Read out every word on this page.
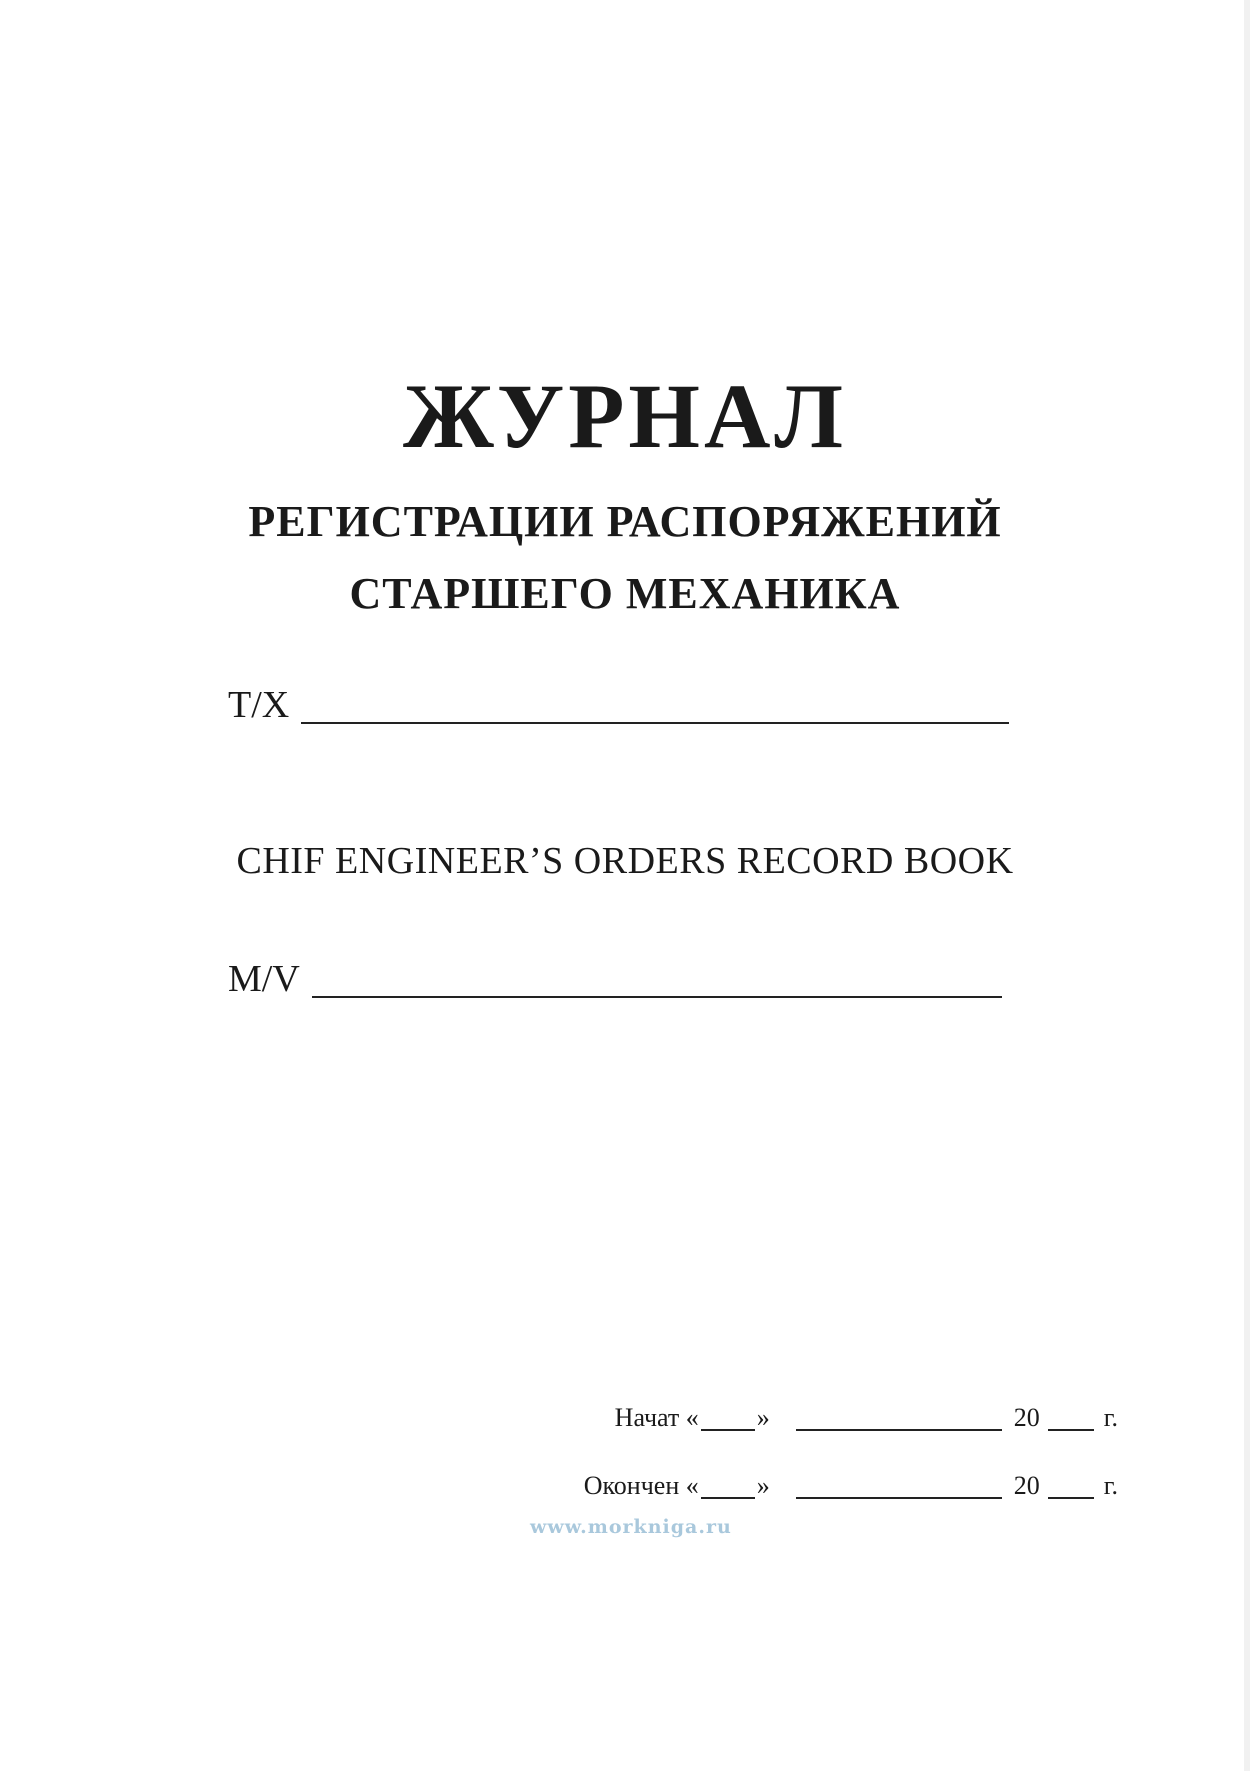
ЖУРНАЛ
РЕГИСТРАЦИИ РАСПОРЯЖЕНИЙ
СТАРШЕГО МЕХАНИКА
Т/Х
CHIF ENGINEER’S ORDERS RECORD BOOK
M/V
Начат
« »	20 г.
Окончен
« »	20 г.
www.morkniga.ru
